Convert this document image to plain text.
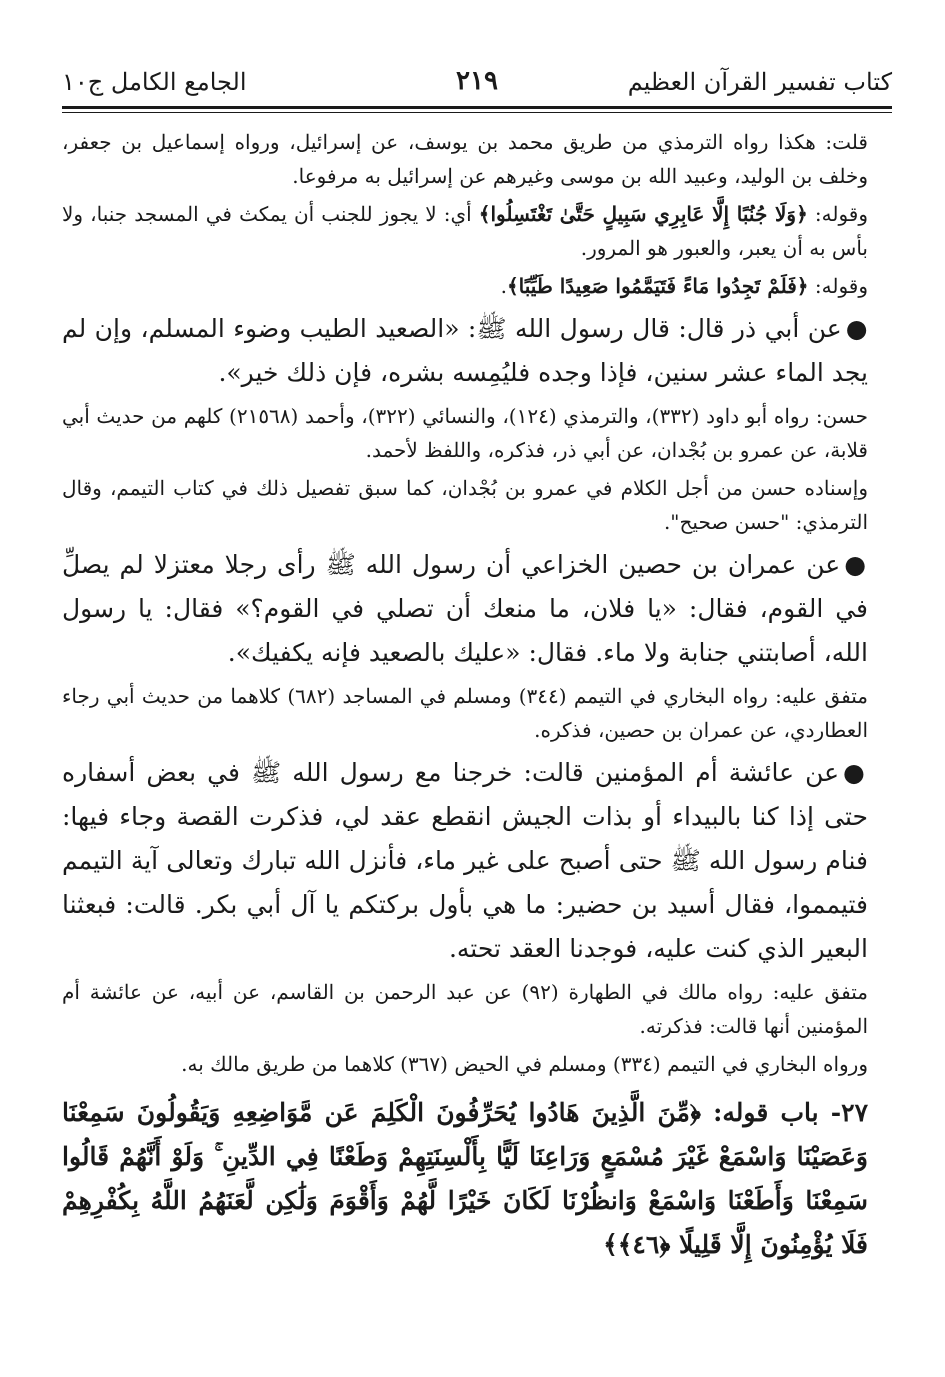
كتاب تفسير القرآن العظيم
٢١٩
الجامع الكامل ج١٠

قلت: هكذا رواه الترمذي من طريق محمد بن يوسف، عن إسرائيل، ورواه إسماعيل بن جعفر، وخلف بن الوليد، وعبيد الله بن موسى وغيرهم عن إسرائيل به مرفوعا.

وقوله: ﴿وَلَا جُنُبًا إِلَّا عَابِرِي سَبِيلٍ حَتَّىٰ تَغْتَسِلُوا﴾ أي: لا يجوز للجنب أن يمكث في المسجد جنبا، ولا بأس به أن يعبر، والعبور هو المرور.

وقوله: ﴿فَلَمْ تَجِدُوا مَاءً فَتَيَمَّمُوا صَعِيدًا طَيِّبًا﴾.

●عن أبي ذر قال: قال رسول الله ﷺ: «الصعيد الطيب وضوء المسلم، وإن لم يجد الماء عشر سنين، فإذا وجده فليُمِسه بشره، فإن ذلك خير».

حسن: رواه أبو داود (٣٣٢)، والترمذي (١٢٤)، والنسائي (٣٢٢)، وأحمد (٢١٥٦٨) كلهم من حديث أبي قلابة، عن عمرو بن بُجْدان، عن أبي ذر، فذكره، واللفظ لأحمد.

وإسناده حسن من أجل الكلام في عمرو بن بُجْدان، كما سبق تفصيل ذلك في كتاب التيمم، وقال الترمذي: "حسن صحيح".

●عن عمران بن حصين الخزاعي أن رسول الله ﷺ رأى رجلا معتزلا لم يصلِّ في القوم، فقال: «يا فلان، ما منعك أن تصلي في القوم؟» فقال: يا رسول الله، أصابتني جنابة ولا ماء. فقال: «عليك بالصعيد فإنه يكفيك».

متفق عليه: رواه البخاري في التيمم (٣٤٤) ومسلم في المساجد (٦٨٢) كلاهما من حديث أبي رجاء العطاردي، عن عمران بن حصين، فذكره.

●عن عائشة أم المؤمنين قالت: خرجنا مع رسول الله ﷺ في بعض أسفاره حتى إذا كنا بالبيداء أو بذات الجيش انقطع عقد لي، فذكرت القصة وجاء فيها: فنام رسول الله ﷺ حتى أصبح على غير ماء، فأنزل الله تبارك وتعالى آية التيمم فتيمموا، فقال أسيد بن حضير: ما هي بأول بركتكم يا آل أبي بكر. قالت: فبعثنا البعير الذي كنت عليه، فوجدنا العقد تحته.

متفق عليه: رواه مالك في الطهارة (٩٢) عن عبد الرحمن بن القاسم، عن أبيه، عن عائشة أم المؤمنين أنها قالت: فذكرته.

ورواه البخاري في التيمم (٣٣٤) ومسلم في الحيض (٣٦٧) كلاهما من طريق مالك به.

٢٧- باب قوله: ﴿مِّنَ الَّذِينَ هَادُوا يُحَرِّفُونَ الْكَلِمَ عَن مَّوَاضِعِهِ وَيَقُولُونَ سَمِعْنَا وَعَصَيْنَا وَاسْمَعْ غَيْرَ مُسْمَعٍ وَرَاعِنَا لَيًّا بِأَلْسِنَتِهِمْ وَطَعْنًا فِي الدِّينِ ۚ وَلَوْ أَنَّهُمْ قَالُوا سَمِعْنَا وَأَطَعْنَا وَاسْمَعْ وَانظُرْنَا لَكَانَ خَيْرًا لَّهُمْ وَأَقْوَمَ وَلَٰكِن لَّعَنَهُمُ اللَّهُ بِكُفْرِهِمْ فَلَا يُؤْمِنُونَ إِلَّا قَلِيلًا ﴿٤٦﴾﴾
